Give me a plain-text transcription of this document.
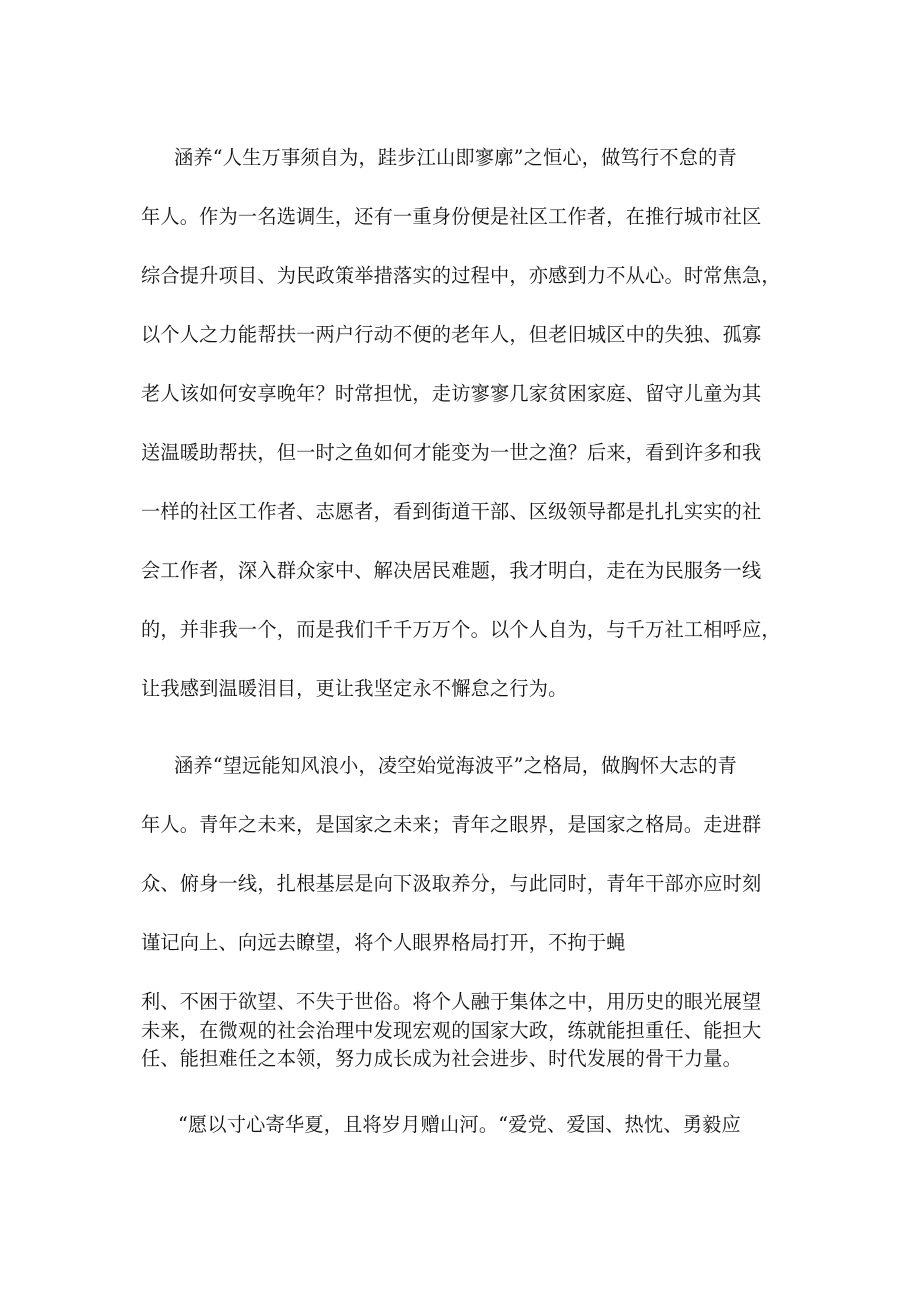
涵养“人生万事须自为，跬步江山即寥廓”之恒心，做笃行不怠的青
年人。作为一名选调生，还有一重身份便是社区工作者，在推行城市社区
综合提升项目、为民政策举措落实的过程中，亦感到力不从心。时常焦急，
以个人之力能帮扶一两户行动不便的老年人，但老旧城区中的失独、孤寡
老人该如何安享晚年？时常担忧，走访寥寥几家贫困家庭、留守儿童为其
送温暖助帮扶，但一时之鱼如何才能变为一世之渔？后来，看到许多和我
一样的社区工作者、志愿者，看到街道干部、区级领导都是扎扎实实的社
会工作者，深入群众家中、解决居民难题，我才明白，走在为民服务一线
的，并非我一个，而是我们千千万万个。以个人自为，与千万社工相呼应，
让我感到温暖泪目，更让我坚定永不懈怠之行为。
涵养“望远能知风浪小，凌空始觉海波平”之格局，做胸怀大志的青
年人。青年之未来，是国家之未来；青年之眼界，是国家之格局。走进群
众、俯身一线，扎根基层是向下汲取养分，与此同时，青年干部亦应时刻
谨记向上、向远去瞭望，将个人眼界格局打开，不拘于蝇
利、不困于欲望、不失于世俗。将个人融于集体之中，用历史的眼光展望
未来，在微观的社会治理中发现宏观的国家大政，练就能担重任、能担大
任、能担难任之本领，努力成长成为社会进步、时代发展的骨干力量。
“愿以寸心寄华夏，且将岁月赠山河。“爱党、爱国、热忱、勇毅应
